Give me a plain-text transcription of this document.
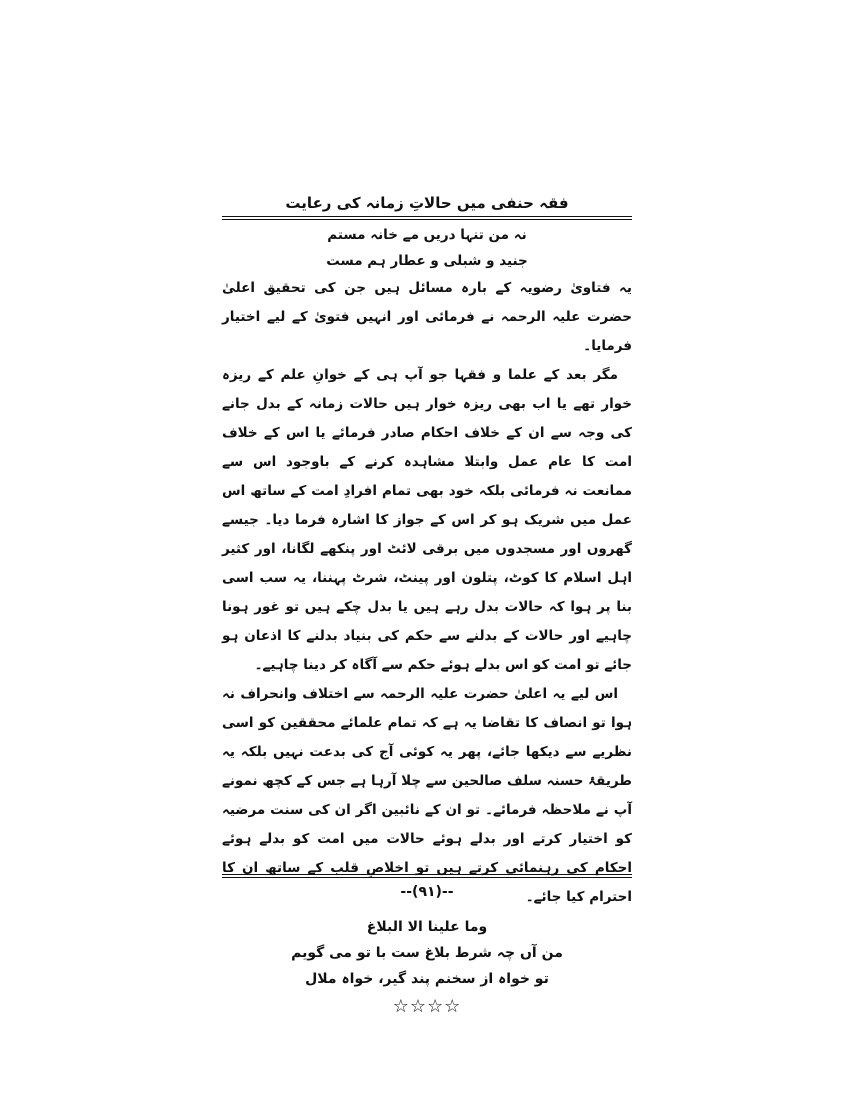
فقہ حنفی میں حالاتِ زمانہ کی رعایت
نہ من تنہا دریں مے خانہ مستم
جنید و شبلی و عطار ہم مست

یہ فتاویٰ رضویہ کے بارہ مسائل ہیں جن کی تحقیق اعلیٰ حضرت علیہ الرحمہ نے فرمائی اور انہیں فتویٰ کے لیے اختیار فرمایا۔

مگر بعد کے علما و فقہا جو آپ ہی کے خوانِ علم کے ریزہ خوار تھے یا اب بھی ریزہ خوار ہیں حالات زمانہ کے بدل جانے کی وجہ سے ان کے خلاف احکام صادر فرمائے یا اس کے خلاف امت کا عام عمل وابتلا مشاہدہ کرنے کے باوجود اس سے ممانعت نہ فرمائی بلکہ خود بھی تمام افرادِ امت کے ساتھ اس عمل میں شریک ہو کر اس کے جواز کا اشارہ فرما دیا۔ جیسے گھروں اور مسجدوں میں برقی لائٹ اور پنکھے لگانا، اور کثیر اہل اسلام کا کوٹ، پتلون اور پینٹ، شرٹ پہننا، یہ سب اسی بنا پر ہوا کہ حالات بدل رہے ہیں یا بدل چکے ہیں تو غور ہونا چاہیے اور حالات کے بدلنے سے حکم کی بنیاد بدلنے کا اذعان ہو جائے تو امت کو اس بدلے ہوئے حکم سے آگاہ کر دینا چاہیے۔

اس لیے یہ اعلیٰ حضرت علیہ الرحمہ سے اختلاف وانحراف نہ ہوا تو انصاف کا تقاضا یہ ہے کہ تمام علمائے محققین کو اسی نظریے سے دیکھا جائے، پھر یہ کوئی آج کی بدعت نہیں بلکہ یہ طریقۂ حسنہ سلف صالحین سے چلا آرہا ہے جس کے کچھ نمونے آپ نے ملاحظہ فرمائے۔ تو ان کے نائبین اگر ان کی سنت مرضیہ کو اختیار کرتے اور بدلے ہوئے حالات میں امت کو بدلے ہوئے احکام کی رہنمائی کرتے ہیں تو اخلاصِ قلب کے ساتھ ان کا احترام کیا جائے۔

وما علينا الا البلاغ
من آں چہ شرط بلاغ ست با تو می گویم
تو خواہ از سخنم پند گیر، خواہ ملال
☆☆☆☆
--(۹۱)--
